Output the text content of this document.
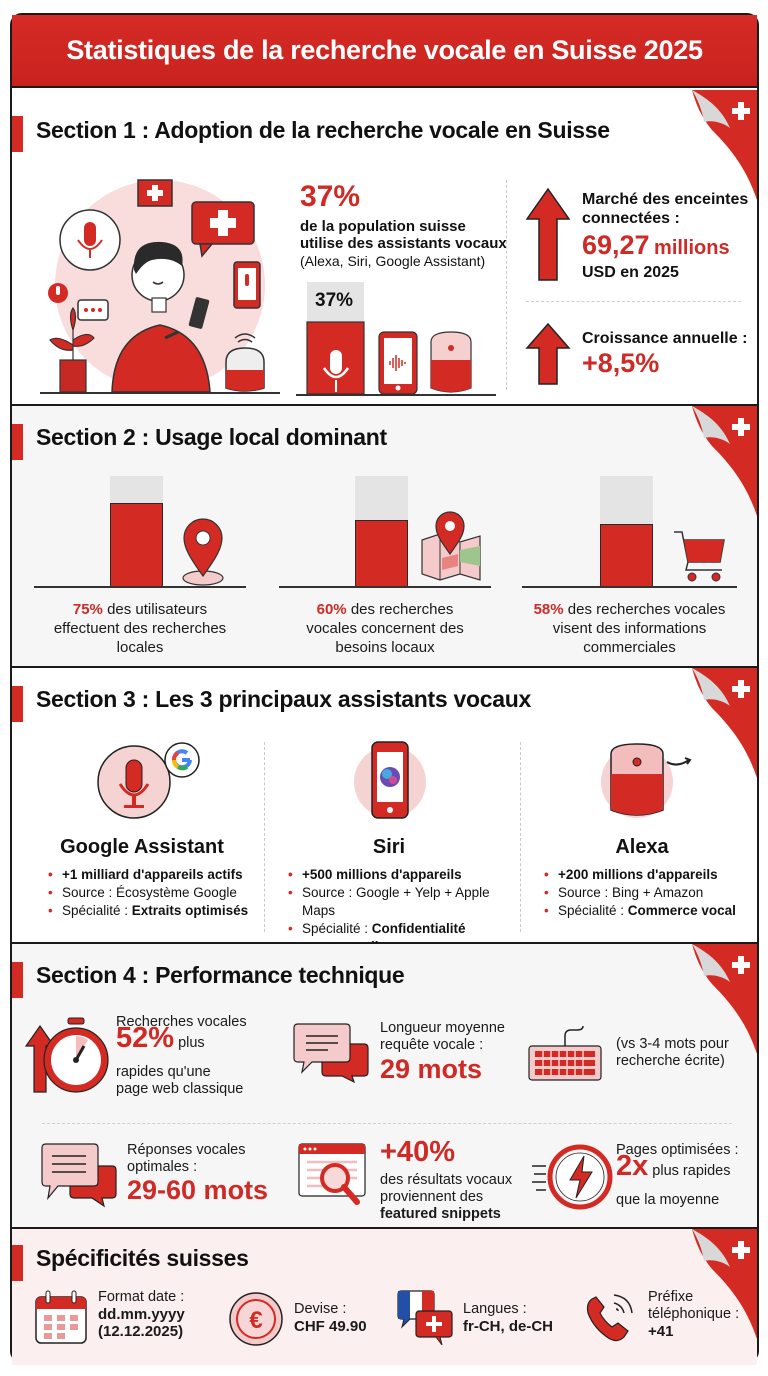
Statistiques de la recherche vocale en Suisse 2025
Section 1 : Adoption de la recherche vocale en Suisse
37%
de la population suisse
utilise des assistants vocaux
(Alexa, Siri, Google Assistant)
37%
Marché des enceintes
connectées :
69,27 millions
USD en 2025
Croissance annuelle :
+8,5%
Section 2 : Usage local dominant
75% des utilisateurs
effectuent des recherches
locales
60% des recherches
vocales concernent des
besoins locaux
58% des recherches vocales
visent des informations
commerciales
Section 3 : Les 3 principaux assistants vocaux
Google Assistant
• +1 milliard d'appareils actifs
• Source : Écosystème Google
• Spécialité : Extraits optimisés
Siri
• +500 millions d'appareils
• Source : Google + Yelp + Apple Maps
• Spécialité : Confidentialité

Alexa
• +200 millions d'appareils
• Source : Bing + Amazon
• Spécialité : Commerce vocal
Section 4 : Performance technique
Recherches vocales
52% plus
rapides qu'une
page web classique
Longueur moyenne
requête vocale :
29 mots
(vs 3-4 mots pour
recherche écrite)
Réponses vocales
optimales :
29-60 mots
+40%
des résultats vocaux
proviennent des
featured snippets
Pages optimisées :
2x plus rapides
que la moyenne
Spécificités suisses
Format date :
dd.mm.yyyy
(12.12.2025)	€ Devise :
CHF 49.90
Langues :
fr-CH, de-CH
Préfixe
téléphonique :
+41
